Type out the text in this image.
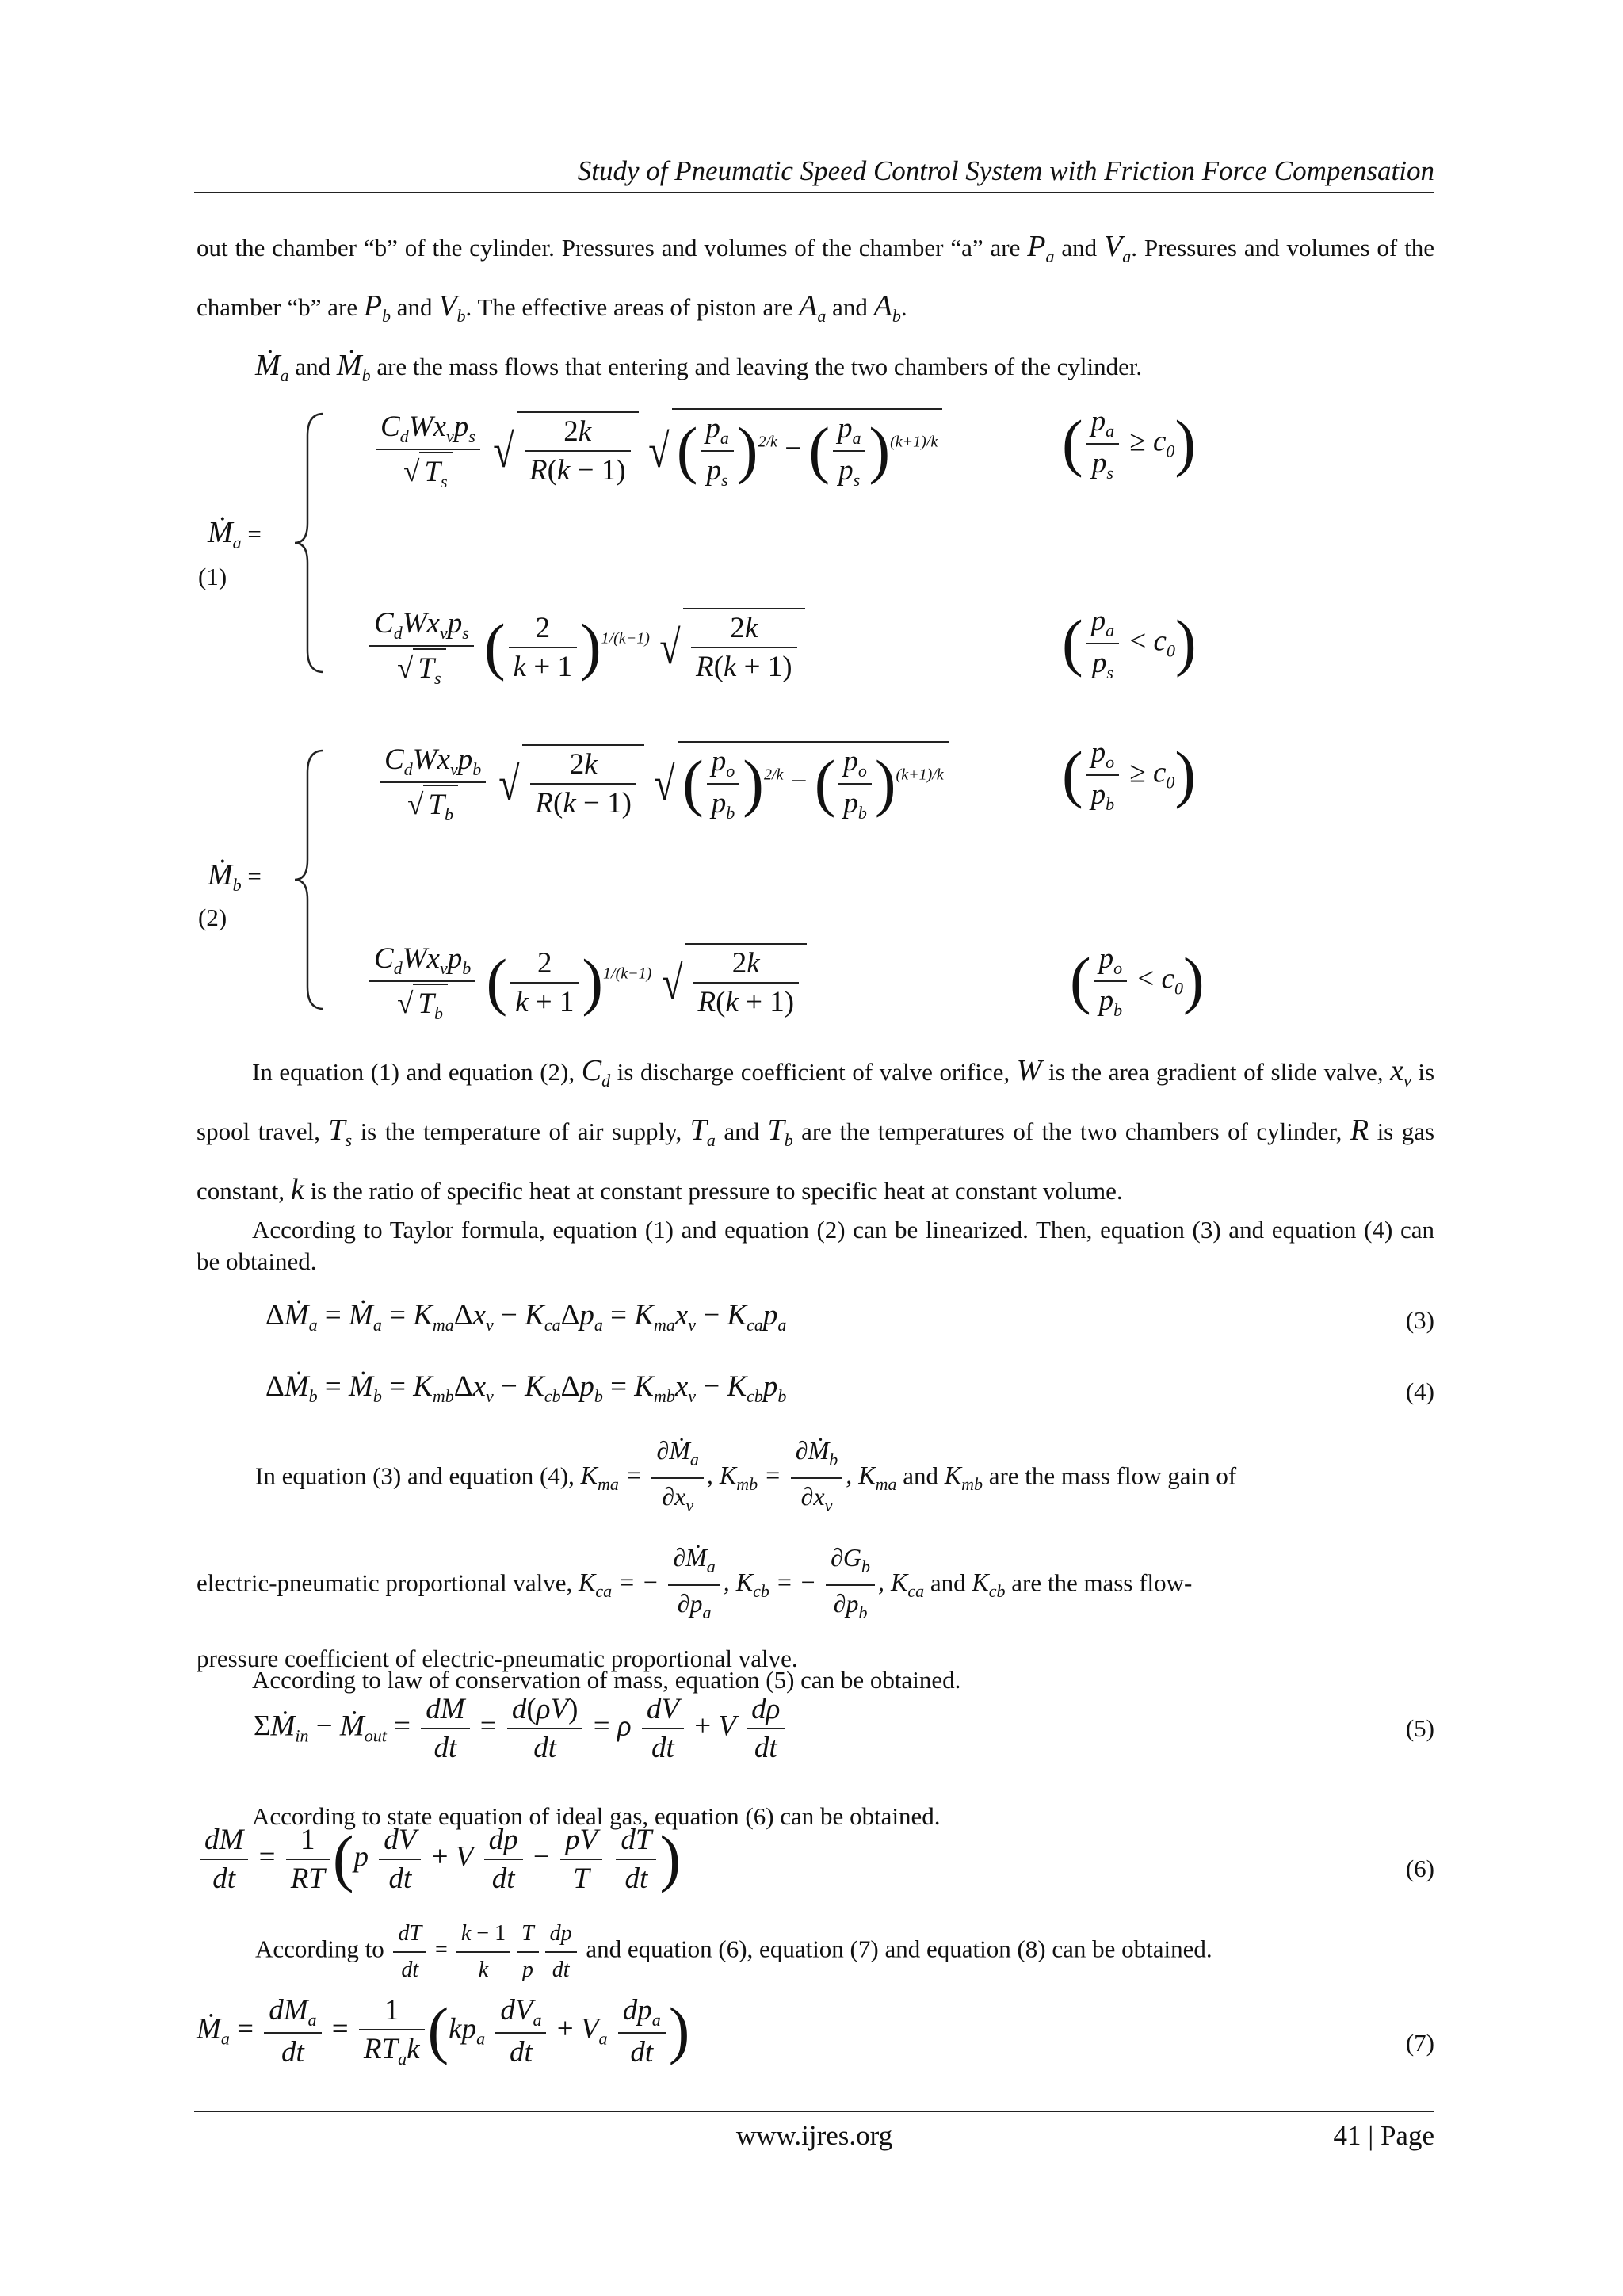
Study of Pneumatic Speed Control System with Friction Force Compensation
out the chamber “b” of the cylinder. Pressures and volumes of the chamber “a” are $P_a$ and $V_a$. Pressures and volumes of the chamber “b” are $P_b$ and $V_b$. The effective areas of piston are $A_a$ and $A_b$.
Ṁ$_a$ and Ṁ$_b$ are the mass flows that entering and leaving the two chambers of the cylinder.
Ṁ$_a$ =
(1)
$\frac{C_dWx_vp_s}{√ T_s}$ √ $\frac{2k}{R(k - 1)}$ √ ( $\frac{p_a}{p_s} )^{2/k}$ − ( $\frac{p_a}{p_s} )^{(k+1)/k}$ ( $\frac{p_a}{p_s} \ge c_0$)
$\frac{C_dWx_vp_s}{√ T_s}$ ( $\frac{2}{k + 1} )^{1/(k-1)}$ √ $\frac{2k}{R(k + 1)}$	( $\frac{p_a}{p_s} < c_0$)
Ṁ$_b$ =
(2)
$\frac{C_dWx_vp_b}{√ T_b}$ √ $\frac{2k}{R(k - 1)}$ √ ( $\frac{p_o}{p_b} )^{2/k}$ − ( $\frac{p_o}{p_b} )^{(k+1)/k}$ ( $\frac{p_o}{p_b} \ge c_0$)
$\frac{C_dWx_vp_b}{√ T_b}$ ( $\frac{2}{k + 1} )^{1/(k-1)}$ √ $\frac{2k}{R(k + 1)}$	( $\frac{p_o}{p_b} < c_0$)
In equation (1) and equation (2), $C_d$ is discharge coefficient of valve orifice, W is the area gradient of slide valve, $x_v$ is spool travel, $T_s$ is the temperature of air supply, $T_a$ and $T_b$ are the temperatures of the two chambers of cylinder, R is gas constant, k is the ratio of specific heat at constant pressure to specific heat at constant volume.
According to Taylor formula, equation (1) and equation (2) can be linearized. Then, equation (3) and equation (4) can be obtained.
ΔṀ$_a$ = Ṁ$_a$ = $K_{ma}\Delta x_v - K_{ca}\Delta p_a = K_{ma}x_v - K_{ca}p_a$	(3)
ΔṀ$_b$ = Ṁ$_b$ = $K_{mb}\Delta x_v - K_{cb}\Delta p_b = K_{mb}x_v - K_{cb}p_b$	(4)
In equation (3) and equation (4), $K_{ma} = \frac{\partial Ṁ_a}{\partial x_v}$ , $K_{mb} = \frac{\partial Ṁ_b}{\partial x_v}$ , $K_{ma}$ and $K_{mb}$ are the mass flow gain of
electric-pneumatic proportional valve, $K_{ca}$ = − $\frac{\partial Ṁ_a}{\partial p_a}$ , $K_{cb}$ = − $\frac{\partial G_b}{\partial p_b}$ , $K_{ca}$ and $K_{cb}$ are the mass flow-
pressure coefficient of electric-pneumatic proportional valve.
According to law of conservation of mass, equation (5) can be obtained.
ΣṀ$_{in}$ − Ṁ$_{out}$ = $\frac{dM}{dt} = \frac{d(\rho V)}{dt} = \rho \frac{dV}{dt} + V \frac{d\rho}{dt}$	(5)
According to state equation of ideal gas, equation (6) can be obtained.
$\frac{dM}{dt} = \frac{1}{RT} (p \frac{dV}{dt} + V \frac{dp}{dt} - \frac{pV}{T}$
$\frac{dT}{dt}$ )	(6)
According to $\frac{dT}{dt} = \frac{k - 1}{k} \frac{T}{p} \frac{dp}{dt}$ and equation (6), equation (7) and equation (8) can be obtained.
Ṁ$_a$ = $\frac{dM_a}{dt} = \frac{1}{RT_ak} (kp_a \frac{dV_a}{dt} + V_a \frac{dp_a}{dt}$ )	(7)
www.ijres.org	41 | Page
